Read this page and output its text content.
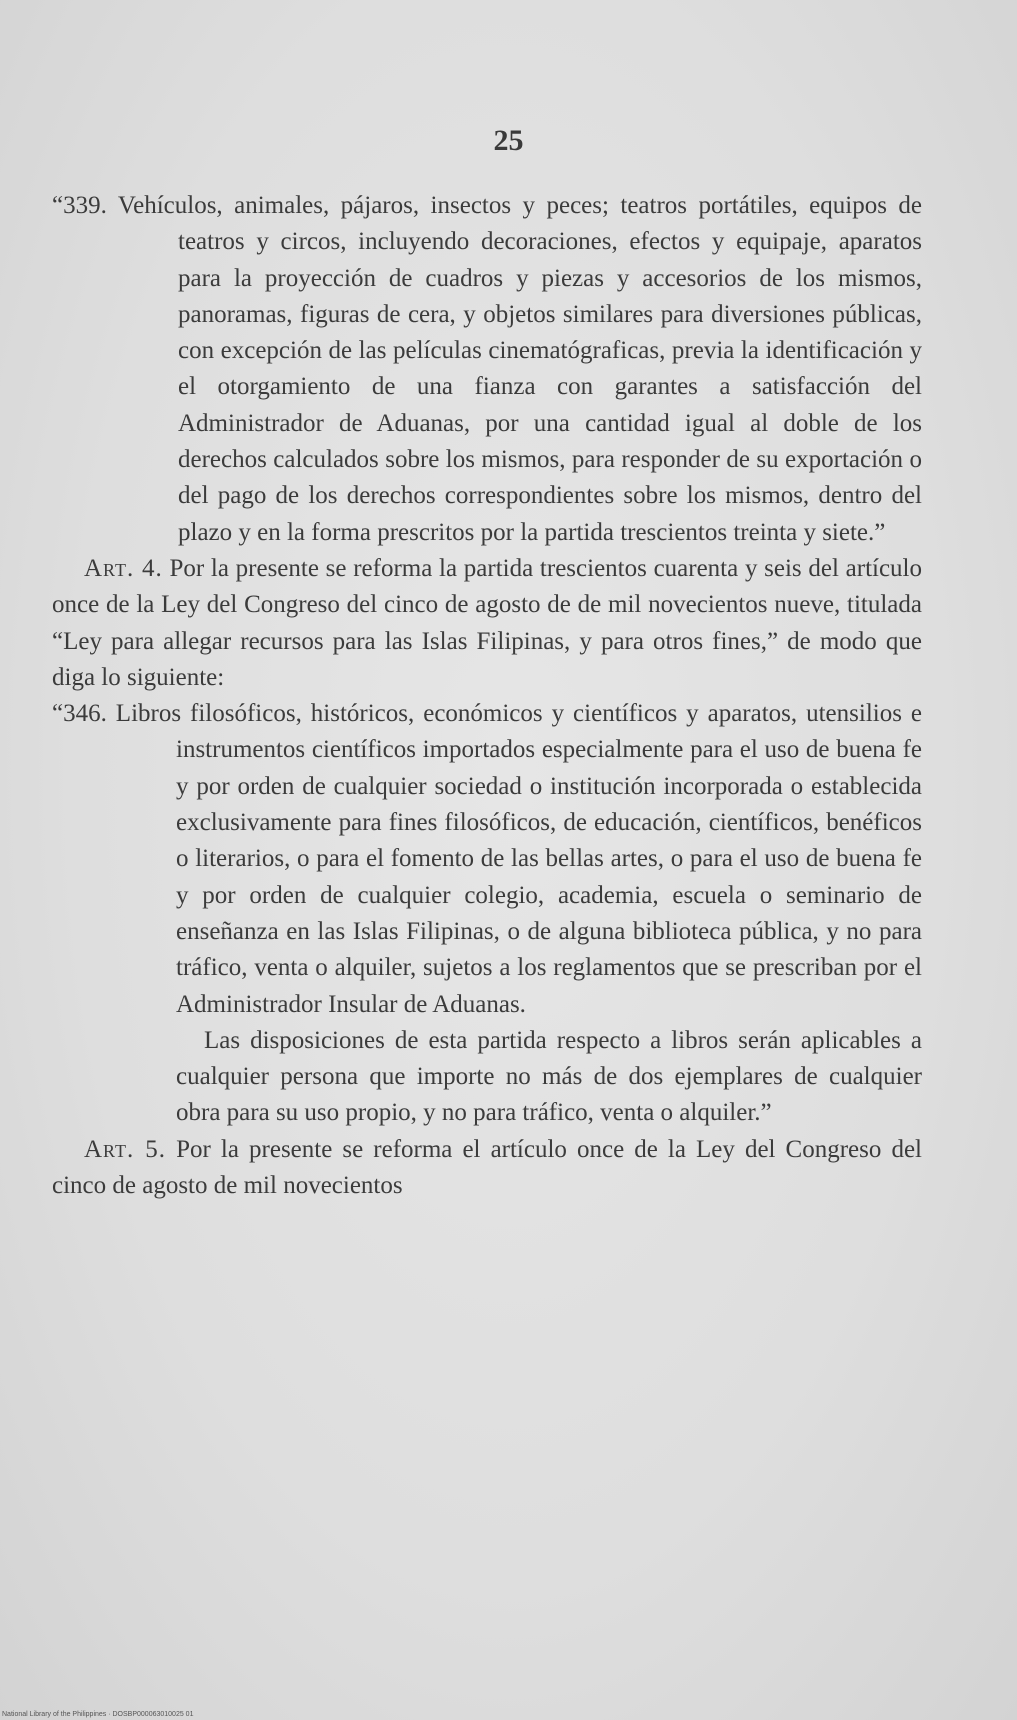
25

“339. Vehículos, animales, pájaros, insectos y peces; teatros portátiles, equipos de teatros y circos, incluyendo decoraciones, efectos y equipaje, aparatos para la proyección de cuadros y piezas y accesorios de los mismos, panoramas, figuras de cera, y objetos similares para diversiones públicas, con excepción de las películas cinematógraficas, previa la identificación y el otorgamiento de una fianza con garantes a satisfacción del Administrador de Aduanas, por una cantidad igual al doble de los derechos calculados sobre los mismos, para responder de su exportación o del pago de los derechos correspondientes sobre los mismos, dentro del plazo y en la forma prescritos por la partida trescientos treinta y siete.”

Art. 4. Por la presente se reforma la partida trescientos cuarenta y seis del artículo once de la Ley del Congreso del cinco de agosto de de mil novecientos nueve, titulada “Ley para allegar recursos para las Islas Filipinas, y para otros fines,” de modo que diga lo siguiente:

“346. Libros filosóficos, históricos, económicos y científicos y aparatos, utensilios e instrumentos científicos importados especialmente para el uso de buena fe y por orden de cualquier sociedad o institución incorporada o establecida exclusivamente para fines filosóficos, de educación, científicos, benéficos o literarios, o para el fomento de las bellas artes, o para el uso de buena fe y por orden de cualquier colegio, academia, escuela o seminario de enseñanza en las Islas Filipinas, o de alguna biblioteca pública, y no para tráfico, venta o alquiler, sujetos a los reglamentos que se prescriban por el Administrador Insular de Aduanas.

Las disposiciones de esta partida respecto a libros serán aplicables a cualquier persona que importe no más de dos ejemplares de cualquier obra para su uso propio, y no para tráfico, venta o alquiler.”

Art. 5. Por la presente se reforma el artículo once de la Ley del Congreso del cinco de agosto de mil novecientos

National Library of the Philippines · DOSBP000063010025 01
